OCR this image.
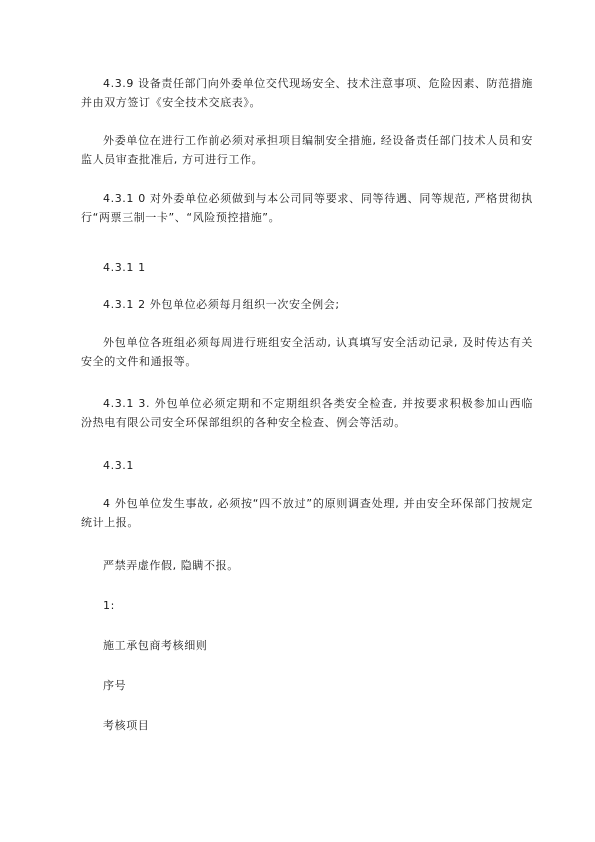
4.3.9 设备责任部门向外委单位交代现场安全、技术注意事项、危险因素、防范措施并由双方签订《安全技术交底表》。

外委单位在进行工作前必须对承担项目编制安全措施, 经设备责任部门技术人员和安监人员审查批准后, 方可进行工作。

4.3.1 0 对外委单位必须做到与本公司同等要求、同等待遇、同等规范, 严格贯彻执行“两票三制一卡”、“风险预控措施”。

4.3.1 1

4.3.1 2 外包单位必须每月组织一次安全例会;

外包单位各班组必须每周进行班组安全活动, 认真填写安全活动记录, 及时传达有关安全的文件和通报等。

4.3.1 3. 外包单位必须定期和不定期组织各类安全检查, 并按要求积极参加山西临汾热电有限公司安全环保部组织的各种安全检查、例会等活动。

4.3.1

4 外包单位发生事故, 必须按“四不放过”的原则调查处理, 并由安全环保部门按规定统计上报。

严禁弄虚作假, 隐瞒不报。

1:

施工承包商考核细则

序号

考核项目
